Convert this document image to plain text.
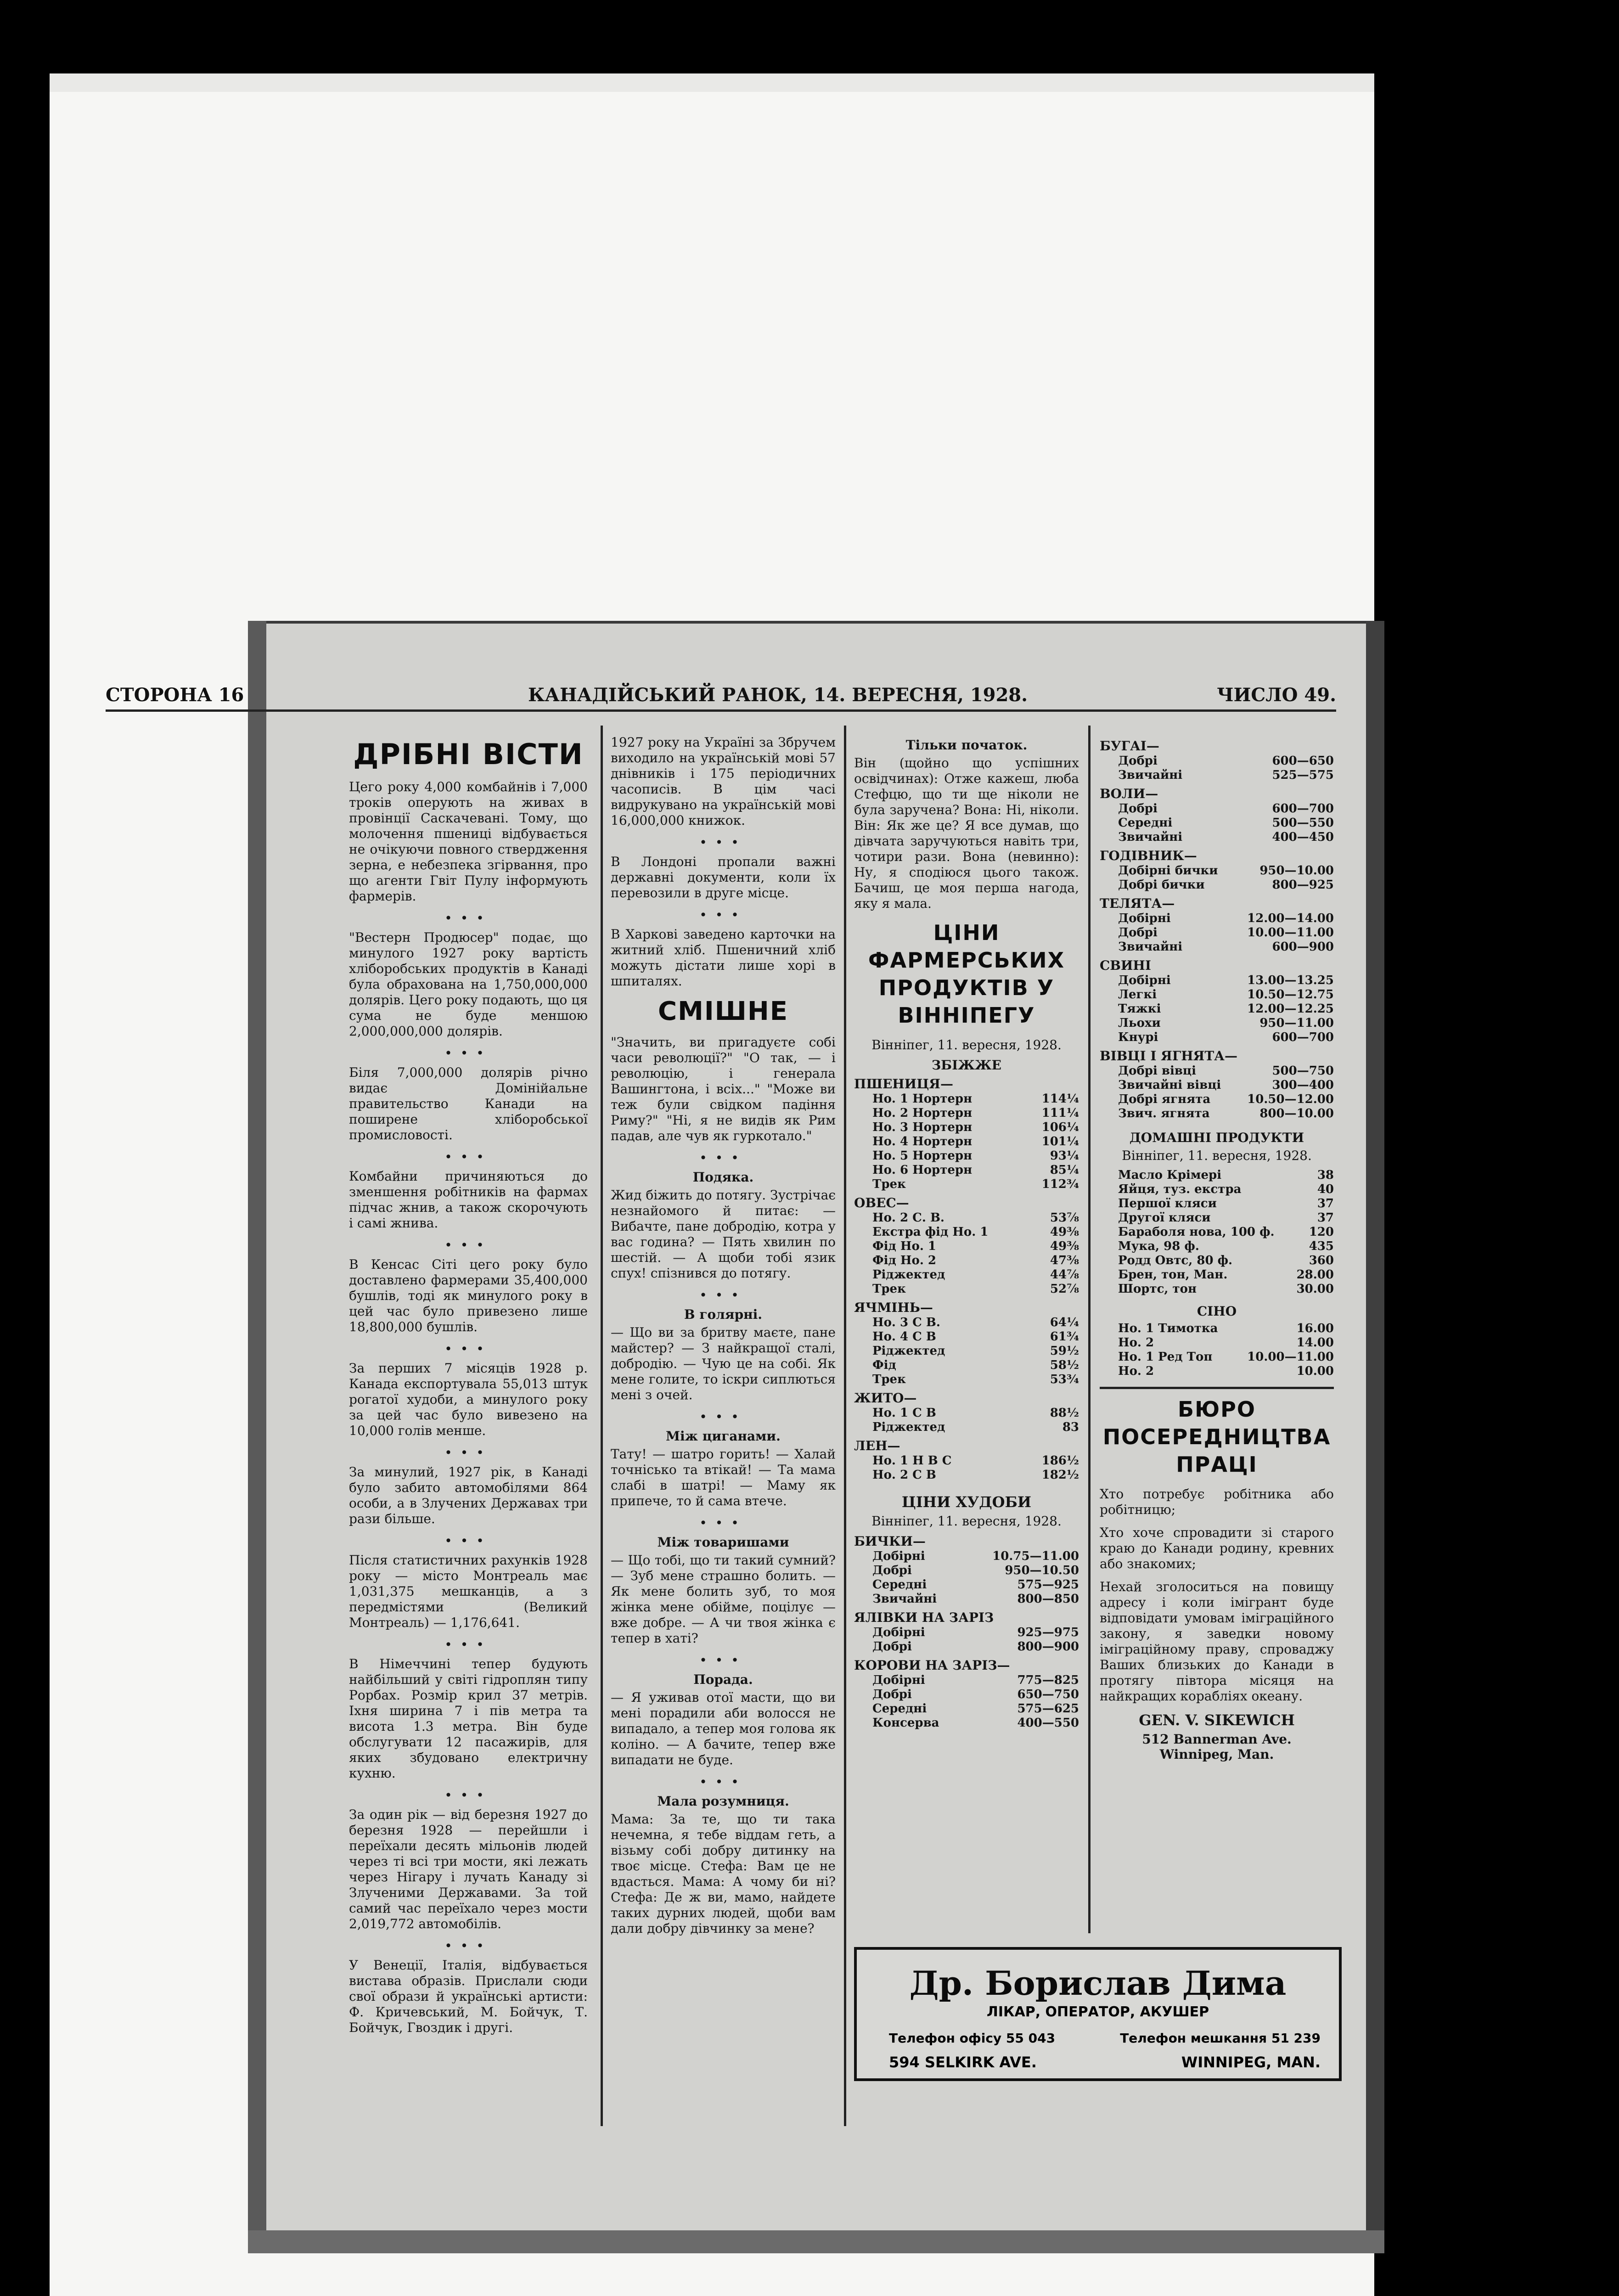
СТОРОНА 16	КАНАДІЙСЬКИЙ РАНОК, 14. ВЕРЕСНЯ, 1928.	ЧИСЛО 49.
ДРІБНІ ВІСТИ

Цего року 4,000 комбайнів і 7,000 троків оперують на живах в провінції Саскачевані. Тому, що молочення пшениці відбувається не очікуючи повного ствердження зерна, е небезпека згірвання, про що агенти Гвіт Пулу інформують фармерів.

•••

"Вестерн Продюсер" подає, що минулого 1927 року вартість хліборобських продуктів в Канаді була обрахована на 1,750,000,000 долярів. Цего року подають, що ця сума не буде меншою 2,000,000,000 долярів.

•••

Біля 7,000,000 долярів річно видає Домінійальне правительство Канади на поширене хліборобської промисловості.

•••

Комбайни причиняються до зменшення робітників на фармах підчас жнив, а також скорочують і самі жнива.

•••

В Кенсас Сіті цего року було доставлено фармерами 35,400,000 бушлів, тоді як минулого року в цей час було привезено лише 18,800,000 бушлів.

•••

За перших 7 місяців 1928 р. Канада експортувала 55,013 штук рогатої худоби, а минулого року за цей час було вивезено на 10,000 голів менше.

•••

За минулий, 1927 рік, в Канаді було забито автомобілями 864 особи, а в Злучених Державах три рази більше.

•••

Після статистичних рахунків 1928 року — місто Монтреаль має 1,031,375 мешканців, а з передмістями (Великий Монтреаль) — 1,176,641.

•••

В Німеччині тепер будують найбільший у світі гідроплян типу Рорбах. Розмір крил 37 метрів. Іхня ширина 7 і пів метра та висота 1.3 метра. Він буде обслугувати 12 пасажирів, для яких збудовано електричну кухню.

•••

За один рік — від березня 1927 до березня 1928 — перейшли і переїхали десять мільонів людей через ті всі три мости, які лежать через Нігару і лучать Канаду зі Злученими Державами. За той самий час переїхало через мости 2,019,772 автомобілів.

•••

У Венеції, Італія, відбувається вистава образів. Прислали сюди свої образи й українські артисти: Ф. Кричевський, М. Бойчук, Т. Бойчук, Гвоздик і другі.

1927 року на Україні за Збручем виходило на українській мові 57 днівників і 175 періодичних часописів. В цім часі видрукувано на українській мові 16,000,000 книжок.

•••

В Лондоні пропали важні державні документи, коли їх перевозили в друге місце.

•••

В Харкові заведено карточки на житний хліб. Пшеничний хліб можуть дістати лише хорі в шпиталях.

СМІШНЕ

"Значить, ви пригадуєте собі часи революції?" "О так, — і революцію, і генерала Вашингтона, і всіх..." "Може ви теж були свідком падіння Риму?" "Ні, я не видів як Рим падав, але чув як гуркотало."

•••
Подяка.

Жид біжить до потягу. Зустрічає незнайомого й питає: — Вибачте, пане добродію, котра у вас година? — Пять хвилин по шестій. — А щоби тобі язик спух! спізнився до потягу.

•••
В голярні.

— Що ви за бритву маєте, пане майстер? — З найкращої сталі, добродію. — Чую це на собі. Як мене голите, то іскри сиплються мені з очей.

•••
Між циганами.

Тату! — шатро горить! — Халай точнісько та втікай! — Та мама слабі в шатрі! — Маму як припече, то й сама втече.

•••
Між товаришами

— Що тобі, що ти такий сумний? — Зуб мене страшно болить. — Як мене болить зуб, то моя жінка мене обійме, поцілує — вже добре. — А чи твоя жінка є тепер в хаті?

•••
Порада.

— Я уживав отої масти, що ви мені порадили аби волосся не випадало, а тепер моя голова як коліно. — А бачите, тепер вже випадати не буде.

•••
Мала розумниця.

Мама: За те, що ти така нечемна, я тебе віддам геть, а візьму собі добру дитинку на твоє місце. Стефа: Вам це не вдасться. Мама: А чому би ні? Стефа: Де ж ви, мамо, найдете таких дурних людей, щоби вам дали добру дівчинку за мене?

Тільки початок.

Він (щойно що успішних освідчинах): Отже кажеш, люба Стефцю, що ти ще ніколи не була заручена? Вона: Ні, ніколи. Він: Як же це? Я все думав, що дівчата заручуються навіть три, чотири рази. Вона (невинно): Ну, я сподіюся цього також. Бачиш, це моя перша нагода, яку я мала.

ЦІНИ ФАРМЕРСЬКИХ ПРОДУКТІВ У ВІННІПЕГУ
Вінніпег, 11. вересня, 1928.
ЗБІЖЖЕ
ПШЕНИЦЯ—
Но. 1 Нортерн	114¼
Но. 2 Нортерн	111¼
Но. 3 Нортерн	106¼
Но. 4 Нортерн	101¼
Но. 5 Нортерн	93¼
Но. 6 Нортерн	85¼
Трек	112¾
ОВЕС—
Но. 2 С. В.	53⅞
Екстра фід Но. 1	49⅜
Фід Но. 1	49⅜
Фід Но. 2	47⅜
Ріджектед	44⅞
Трек	52⅞
ЯЧМІНЬ—
Но. 3 С В.	64¼
Но. 4 С В	61¾
Ріджектед	59½
Фід	58½
Трек	53¾
ЖИТО—
Но. 1 С В	88½
Ріджектед	83
ЛЕН—
Но. 1 Н В С	186½
Но. 2 С В	182½
ЦІНИ ХУДОБИ
Вінніпег, 11. вересня, 1928.
БИЧКИ—
Добірні	10.75—11.00
Добрі	950—10.50
Середні	575—925
Звичайні	800—850
ЯЛІВКИ НА ЗАРІЗ
Добірні	925—975
Добрі	800—900
КОРОВИ НА ЗАРІЗ—
Добірні	775—825
Добрі	650—750
Середні	575—625
Консерва	400—550
БУГАІ—
Добрі	600—650
Звичайні	525—575
ВОЛИ—
Добрі	600—700
Середні	500—550
Звичайні	400—450
ГОДІВНИК—
Добірні бички	950—10.00
Добрі бички	800—925
ТЕЛЯТА—
Добірні	12.00—14.00
Добрі	10.00—11.00
Звичайні	600—900
СВИНІ
Добірні	13.00—13.25
Легкі	10.50—12.75
Тяжкі	12.00—12.25
Льохи	950—11.00
Кнурі	600—700
ВІВЦІ І ЯГНЯТА—
Добрі вівці	500—750
Звичайні вівці	300—400
Добрі ягнята	10.50—12.00
Звич. ягнята	800—10.00
ДОМАШНІ ПРОДУКТИ
Вінніпег, 11. вересня, 1928.
Масло Крімері	38
Яйця, туз. екстра	40
Першої кляси	37
Другої кляси	37
Бараболя нова, 100 ф.	120
Мука, 98 ф.	435
Родд Овтс, 80 ф.	360
Брен, тон, Ман.	28.00
Шортс, тон	30.00
СІНО
Но. 1 Тимотка	16.00
Но. 2	14.00
Но. 1 Ред Топ	10.00—11.00
Но. 2	10.00
БЮРО ПОСЕРЕДНИЦТВА ПРАЦІ

Хто потребує робітника або робітницю;

Хто хоче спровадити зі старого краю до Канади родину, кревних або знакомих;

Нехай зголоситься на повищу адресу і коли імігрант буде відповідати умовам іміграційного закону, я заведки новому іміграційному праву, спроваджу Ваших близьких до Канади в протягу півтора місяця на найкращих корабліях океану.

GEN. V. SIKEWICH
512 Bannerman Ave.
Winnipeg, Man.
Др. Борислав Дима
ЛІКАР, ОПЕРАТОР, АКУШЕР
Телефон офісу 55 043	Телефон мешкання 51 239
594 SELKIRK AVE.	WINNIPEG, MAN.
